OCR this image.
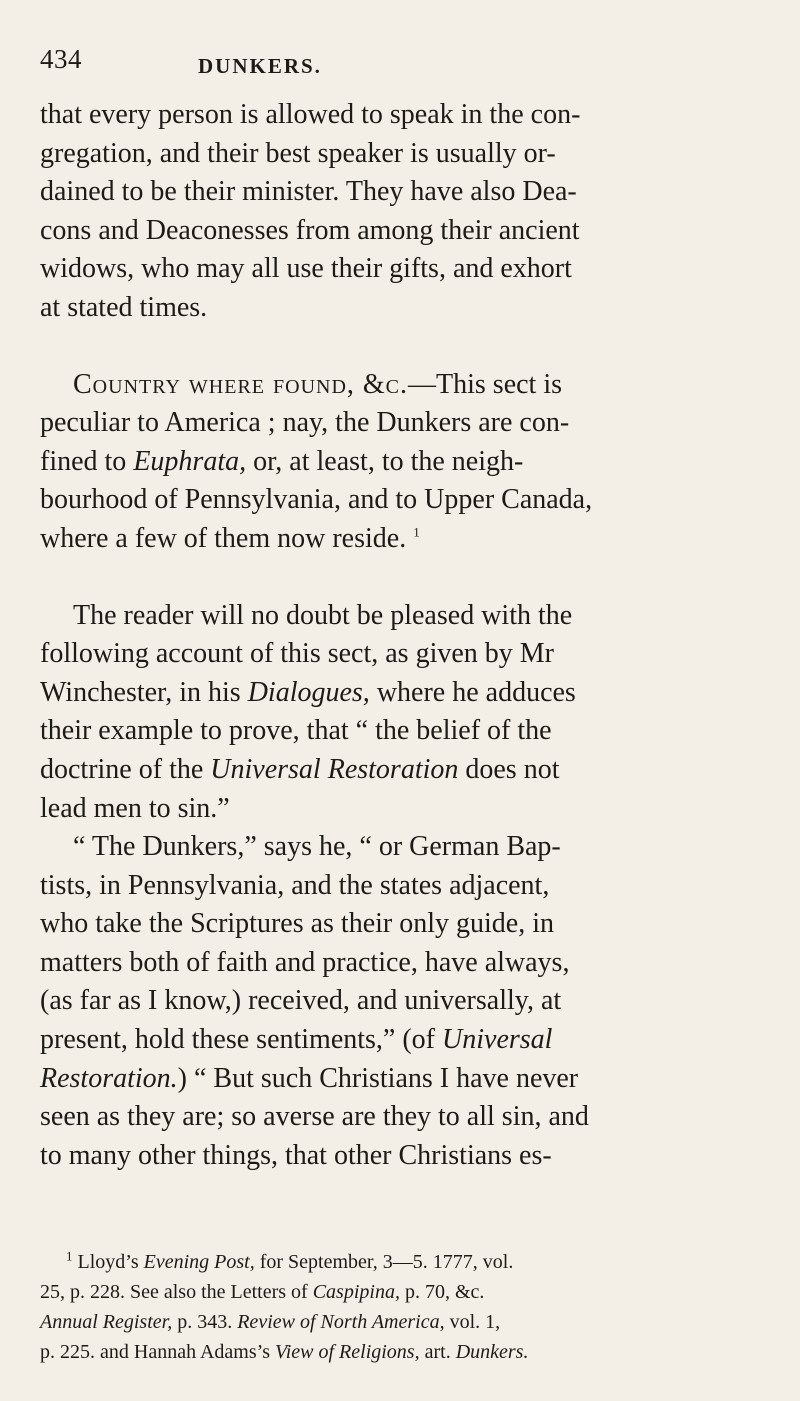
434	DUNKERS.
that every person is allowed to speak in the con-
gregation, and their best speaker is usually or-
dained to be their minister. They have also Dea-
cons and Deaconesses from among their ancient
widows, who may all use their gifts, and exhort
at stated times.
Country where found, &c.—This sect is
peculiar to America ; nay, the Dunkers are con-
fined to Euphrata, or, at least, to the neigh-
bourhood of Pennsylvania, and to Upper Canada,
where a few of them now reside. $^1$
The reader will no doubt be pleased with the
following account of this sect, as given by Mr
Winchester, in his Dialogues, where he adduces
their example to prove, that “ the belief of the
doctrine of the Universal Restoration does not
lead men to sin.”
“ The Dunkers,” says he, “ or German Bap-
tists, in Pennsylvania, and the states adjacent,
who take the Scriptures as their only guide, in
matters both of faith and practice, have always,
(as far as I know,) received, and universally, at
present, hold these sentiments,” (of Universal
Restoration.) “ But such Christians I have never
seen as they are; so averse are they to all sin, and
to many other things, that other Christians es-
$^1$ Lloyd’s Evening Post, for September, 3—5. 1777, vol.
25, p. 228. See also the Letters of Caspipina, p. 70, &c.
Annual Register, p. 343. Review of North America, vol. 1,
p. 225. and Hannah Adams’s View of Religions, art. Dunkers.
